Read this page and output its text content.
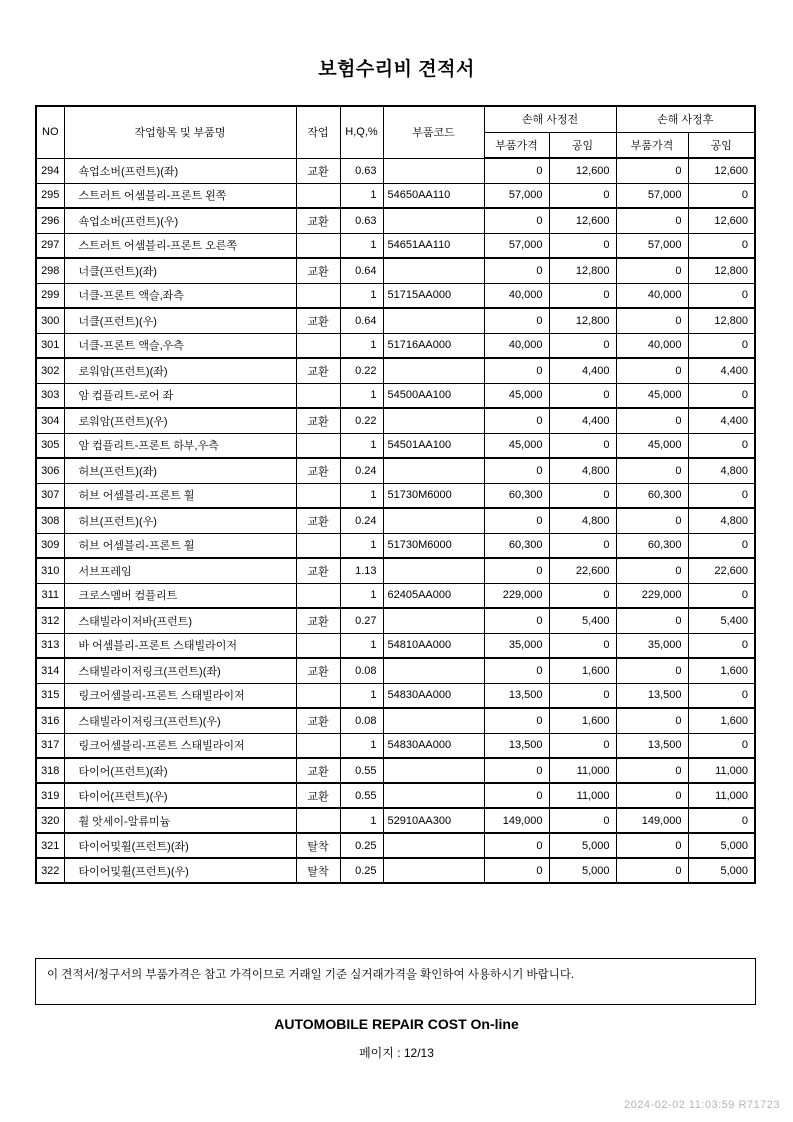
보험수리비 견적서
NO	작업항목 및 부품명	작업	H,Q,%	부품코드	손해 사정전		손해 사정후	
					부품가격	공임	부품가격	공임
294	쇽업소버(프런트)(좌)	교환	0.63		0	12,600	0	12,600
295	스트러트 어셈블리-프론트 왼쪽		1	54650AA110	57,000	0	57,000	0
296	쇽업소버(프런트)(우)	교환	0.63		0	12,600	0	12,600
297	스트러트 어셈블리-프론트 오른쪽		1	54651AA110	57,000	0	57,000	0
298	너클(프런트)(좌)	교환	0.64		0	12,800	0	12,800
299	너클-프론트 액슬,좌측		1	51715AA000	40,000	0	40,000	0
300	너클(프런트)(우)	교환	0.64		0	12,800	0	12,800
301	너클-프론트 액슬,우측		1	51716AA000	40,000	0	40,000	0
302	로워암(프런트)(좌)	교환	0.22		0	4,400	0	4,400
303	암 컴플리트-로어 좌		1	54500AA100	45,000	0	45,000	0
304	로워암(프런트)(우)	교환	0.22		0	4,400	0	4,400
305	암 컴플리트-프론트 하부,우측		1	54501AA100	45,000	0	45,000	0
306	허브(프런트)(좌)	교환	0.24		0	4,800	0	4,800
307	허브 어셈블리-프론트 휠		1	51730M6000	60,300	0	60,300	0
308	허브(프런트)(우)	교환	0.24		0	4,800	0	4,800
309	허브 어셈블리-프론트 휠		1	51730M6000	60,300	0	60,300	0
310	서브프레임	교환	1.13		0	22,600	0	22,600
311	크로스멤버 컴플리트		1	62405AA000	229,000	0	229,000	0
312	스태빌라이저바(프런트)	교환	0.27		0	5,400	0	5,400
313	바 어셈블리-프론트 스태빌라이저		1	54810AA000	35,000	0	35,000	0
314	스태빌라이저링크(프런트)(좌)	교환	0.08		0	1,600	0	1,600
315	링크어셈블리-프론트 스태빌라이저		1	54830AA000	13,500	0	13,500	0
316	스태빌라이저링크(프런트)(우)	교환	0.08		0	1,600	0	1,600
317	링크어셈블리-프론트 스태빌라이저		1	54830AA000	13,500	0	13,500	0
318	타이어(프런트)(좌)	교환	0.55		0	11,000	0	11,000
319	타이어(프런트)(우)	교환	0.55		0	11,000	0	11,000
320	휠 앗세이-알류미늄		1	52910AA300	149,000	0	149,000	0
321	타이어및휠(프런트)(좌)	탈착	0.25		0	5,000	0	5,000
322	타이어및휠(프런트)(우)	탈착	0.25		0	5,000	0	5,000
이 견적서/청구서의 부품가격은 참고 가격이므로 거래일 기준 실거래가격을 확인하여 사용하시기 바랍니다.
AUTOMOBILE REPAIR COST On-line
페이지 : 12/13
2024-02-02 11:03:59 R71723
